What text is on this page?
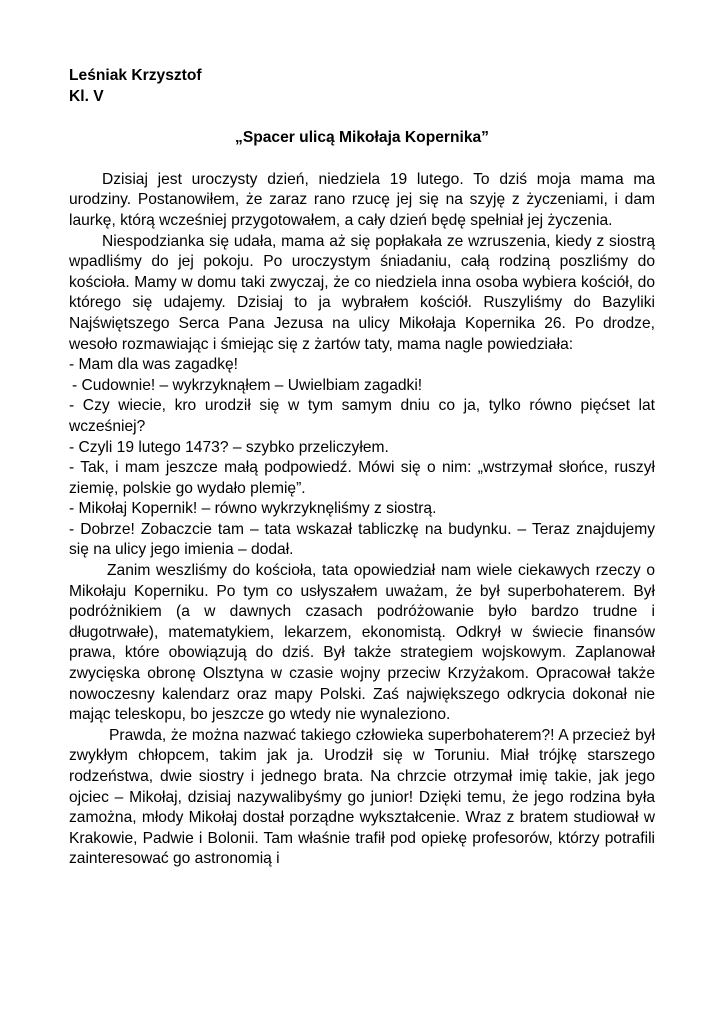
Leśniak Krzysztof

Kl. V

„Spacer ulicą Mikołaja Kopernika”

Dzisiaj jest uroczysty dzień, niedziela 19 lutego. To dziś moja mama ma urodziny. Postanowiłem, że zaraz rano rzucę jej się na szyję z życzeniami, i dam laurkę, którą wcześniej przygotowałem, a cały dzień będę spełniał jej życzenia.

Niespodzianka się udała, mama aż się popłakała ze wzruszenia, kiedy z siostrą wpadliśmy do jej pokoju. Po uroczystym śniadaniu, całą rodziną poszliśmy do kościoła. Mamy w domu taki zwyczaj, że co niedziela inna osoba wybiera kościół, do którego się udajemy. Dzisiaj to ja wybrałem kościół. Ruszyliśmy do Bazyliki Najświętszego Serca Pana Jezusa na ulicy Mikołaja Kopernika 26. Po drodze, wesoło rozmawiając i śmiejąc się z żartów taty, mama nagle powiedziała:

- Mam dla was zagadkę!

- Cudownie! – wykrzyknąłem – Uwielbiam zagadki!

- Czy wiecie, kro urodził się w tym samym dniu co ja, tylko równo pięćset lat wcześniej?

- Czyli 19 lutego 1473? – szybko przeliczyłem.

- Tak, i mam jeszcze małą podpowiedź. Mówi się o nim: „wstrzymał słońce, ruszył ziemię, polskie go wydało plemię”.

- Mikołaj Kopernik! – równo wykrzyknęliśmy z siostrą.

- Dobrze! Zobaczcie tam – tata wskazał tabliczkę na budynku. – Teraz znajdujemy się na ulicy jego imienia – dodał.

Zanim weszliśmy do kościoła, tata opowiedział nam wiele ciekawych rzeczy o Mikołaju Koperniku. Po tym co usłyszałem uważam, że był superbohaterem. Był podróżnikiem (a w dawnych czasach podróżowanie było bardzo trudne i długotrwałe), matematykiem, lekarzem, ekonomistą. Odkrył w świecie finansów prawa, które obowiązują do dziś. Był także strategiem wojskowym. Zaplanował zwycięska obronę Olsztyna w czasie wojny przeciw Krzyżakom. Opracował także nowoczesny kalendarz oraz mapy Polski. Zaś największego odkrycia dokonał nie mając teleskopu, bo jeszcze go wtedy nie wynaleziono.

Prawda, że można nazwać takiego człowieka superbohaterem?! A przecież był zwykłym chłopcem, takim jak ja. Urodził się w Toruniu. Miał trójkę starszego rodzeństwa, dwie siostry i jednego brata. Na chrzcie otrzymał imię takie, jak jego ojciec – Mikołaj, dzisiaj nazywalibyśmy go junior! Dzięki temu, że jego rodzina była zamożna, młody Mikołaj dostał porządne wykształcenie. Wraz z bratem studiował w Krakowie, Padwie i Bolonii. Tam właśnie trafił pod opiekę profesorów, którzy potrafili zainteresować go astronomią i
